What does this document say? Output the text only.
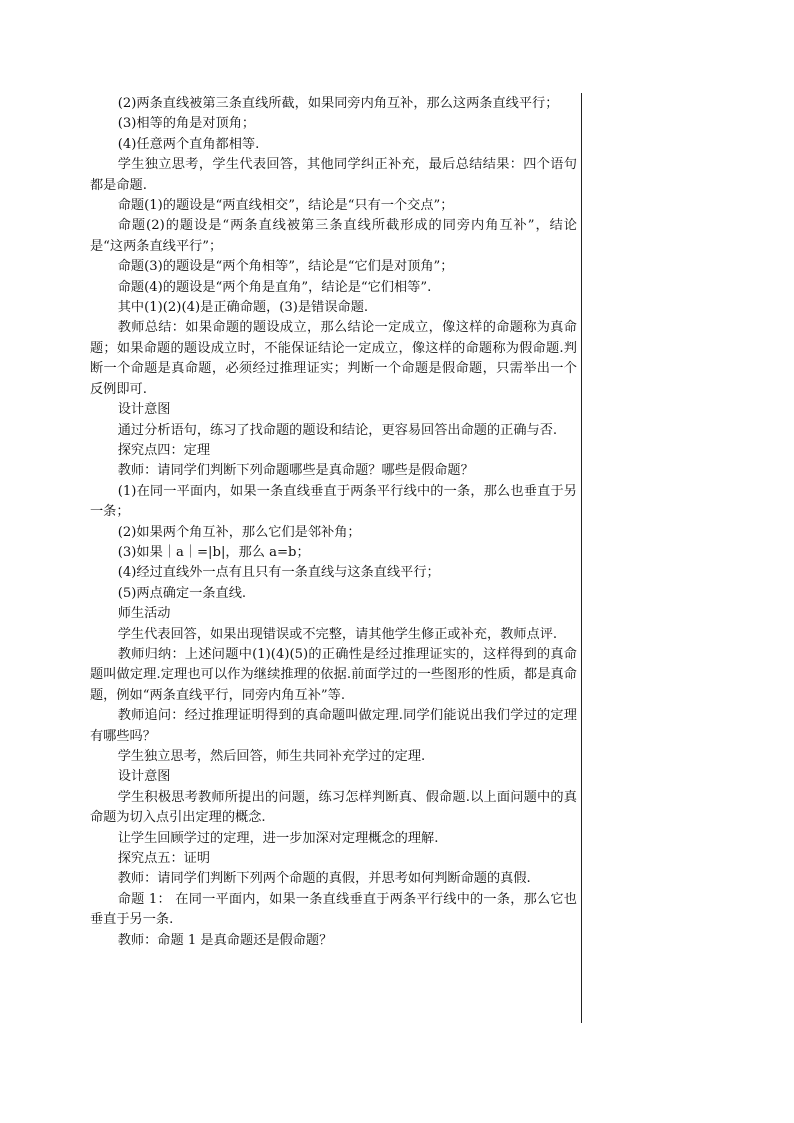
(2)两条直线被第三条直线所截，如果同旁内角互补，那么这两条直线平行；

(3)相等的角是对顶角；

(4)任意两个直角都相等.

学生独立思考，学生代表回答，其他同学纠正补充，最后总结结果：四个语句都是命题.

命题(1)的题设是“两直线相交”，结论是“只有一个交点”；

命题(2)的题设是“两条直线被第三条直线所截形成的同旁内角互补”，结论是“这两条直线平行”；

命题(3)的题设是“两个角相等”，结论是“它们是对顶角”；

命题(4)的题设是“两个角是直角”，结论是“它们相等”.

其中(1)(2)(4)是正确命题，(3)是错误命题.

教师总结：如果命题的题设成立，那么结论一定成立，像这样的命题称为真命题；如果命题的题设成立时，不能保证结论一定成立，像这样的命题称为假命题.判断一个命题是真命题，必须经过推理证实；判断一个命题是假命题，只需举出一个反例即可.

设计意图

通过分析语句，练习了找命题的题设和结论，更容易回答出命题的正确与否.

探究点四：定理

教师：请同学们判断下列命题哪些是真命题？哪些是假命题？

(1)在同一平面内，如果一条直线垂直于两条平行线中的一条，那么也垂直于另一条；

(2)如果两个角互补，那么它们是邻补角；

(3)如果｜a｜=|b|，那么 a=b；

(4)经过直线外一点有且只有一条直线与这条直线平行；

(5)两点确定一条直线.

师生活动

学生代表回答，如果出现错误或不完整，请其他学生修正或补充，教师点评.

教师归纳：上述问题中(1)(4)(5)的正确性是经过推理证实的，这样得到的真命题叫做定理.定理也可以作为继续推理的依据.前面学过的一些图形的性质，都是真命题，例如“两条直线平行，同旁内角互补”等.

教师追问：经过推理证明得到的真命题叫做定理.同学们能说出我们学过的定理有哪些吗？

学生独立思考，然后回答，师生共同补充学过的定理.

设计意图

学生积极思考教师所提出的问题，练习怎样判断真、假命题.以上面问题中的真命题为切入点引出定理的概念.

让学生回顾学过的定理，进一步加深对定理概念的理解.

探究点五：证明

教师：请同学们判断下列两个命题的真假，并思考如何判断命题的真假.

命题 1： 在同一平面内，如果一条直线垂直于两条平行线中的一条，那么它也垂直于另一条.

教师：命题 1 是真命题还是假命题？
